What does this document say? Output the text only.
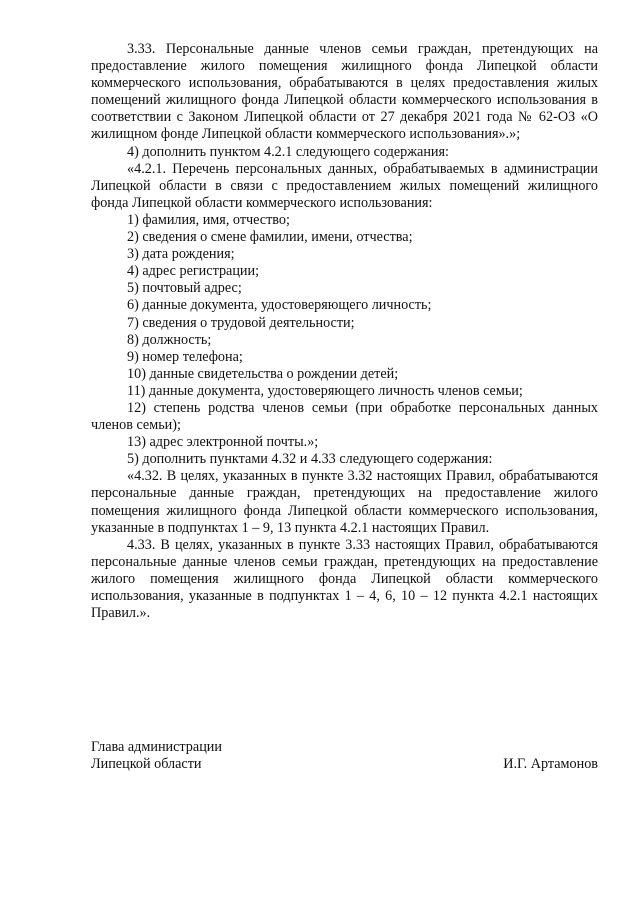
3.33. Персональные данные членов семьи граждан, претендующих на предоставление жилого помещения жилищного фонда Липецкой области коммерческого использования, обрабатываются в целях предоставления жилых помещений жилищного фонда Липецкой области коммерческого использования в соответствии с Законом Липецкой области от 27 декабря 2021 года № 62-ОЗ «О жилищном фонде Липецкой области коммерческого использования».»;

4) дополнить пунктом 4.2.1 следующего содержания:

«4.2.1. Перечень персональных данных, обрабатываемых в администрации Липецкой области в связи с предоставлением жилых помещений жилищного фонда Липецкой области коммерческого использования:

1) фамилия, имя, отчество;

2) сведения о смене фамилии, имени, отчества;

3) дата рождения;

4) адрес регистрации;

5) почтовый адрес;

6) данные документа, удостоверяющего личность;

7) сведения о трудовой деятельности;

8) должность;

9) номер телефона;

10) данные свидетельства о рождении детей;

11) данные документа, удостоверяющего личность членов семьи;

12) степень родства членов семьи (при обработке персональных данных членов семьи);

13) адрес электронной почты.»;

5) дополнить пунктами 4.32 и 4.33 следующего содержания:

«4.32. В целях, указанных в пункте 3.32 настоящих Правил, обрабатываются персональные данные граждан, претендующих на предоставление жилого помещения жилищного фонда Липецкой области коммерческого использования, указанные в подпунктах 1 – 9, 13 пункта 4.2.1 настоящих Правил.

4.33. В целях, указанных в пункте 3.33 настоящих Правил, обрабатываются персональные данные членов семьи граждан, претендующих на предоставление жилого помещения жилищного фонда Липецкой области коммерческого использования, указанные в подпунктах 1 – 4, 6, 10 – 12 пункта 4.2.1 настоящих Правил.».

Глава администрации
Липецкой области	И.Г. Артамонов
